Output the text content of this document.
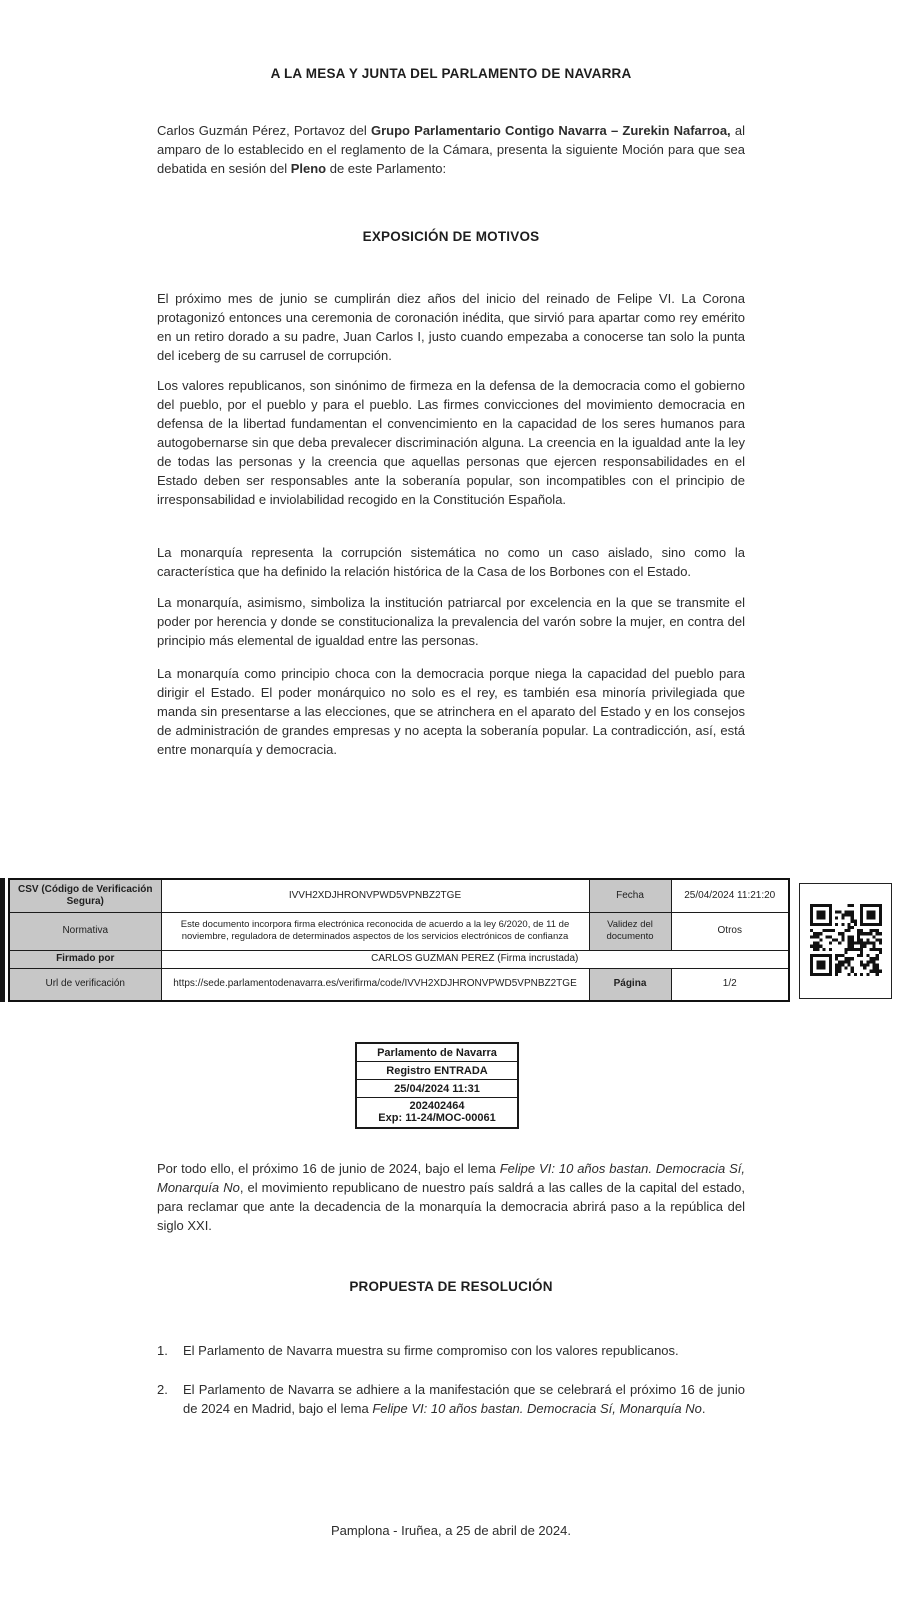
A LA MESA Y JUNTA DEL PARLAMENTO DE NAVARRA
Carlos Guzmán Pérez, Portavoz del Grupo Parlamentario Contigo Navarra – Zurekin Nafarroa, al amparo de lo establecido en el reglamento de la Cámara, presenta la siguiente Moción para que sea debatida en sesión del Pleno de este Parlamento:
EXPOSICIÓN DE MOTIVOS
El próximo mes de junio se cumplirán diez años del inicio del reinado de Felipe VI. La Corona protagonizó entonces una ceremonia de coronación inédita, que sirvió para apartar como rey emérito en un retiro dorado a su padre, Juan Carlos I, justo cuando empezaba a conocerse tan solo la punta del iceberg de su carrusel de corrupción.
Los valores republicanos, son sinónimo de firmeza en la defensa de la democracia como el gobierno del pueblo, por el pueblo y para el pueblo. Las firmes convicciones del movimiento democracia en defensa de la libertad fundamentan el convencimiento en la capacidad de los seres humanos para autogobernarse sin que deba prevalecer discriminación alguna. La creencia en la igualdad ante la ley de todas las personas y la creencia que aquellas personas que ejercen responsabilidades en el Estado deben ser responsables ante la soberanía popular, son incompatibles con el principio de irresponsabilidad e inviolabilidad recogido en la Constitución Española.
La monarquía representa la corrupción sistemática no como un caso aislado, sino como la característica que ha definido la relación histórica de la Casa de los Borbones con el Estado.
La monarquía, asimismo, simboliza la institución patriarcal por excelencia en la que se transmite el poder por herencia y donde se constitucionaliza la prevalencia del varón sobre la mujer, en contra del principio más elemental de igualdad entre las personas.
La monarquía como principio choca con la democracia porque niega la capacidad del pueblo para dirigir el Estado. El poder monárquico no solo es el rey, es también esa minoría privilegiada que manda sin presentarse a las elecciones, que se atrinchera en el aparato del Estado y en los consejos de administración de grandes empresas y no acepta la soberanía popular. La contradicción, así, está entre monarquía y democracia.
CSV (Código de Verificación Segura)	IVVH2XDJHRONVPWD5VPNBZ2TGE	Fecha	25/04/2024 11:21:20
Normativa	Este documento incorpora firma electrónica reconocida de acuerdo a la ley 6/2020, de 11 de noviembre, reguladora de determinados aspectos de los servicios electrónicos de confianza	Validez del documento	Otros
Firmado por	CARLOS GUZMAN PEREZ (Firma incrustada)		
Url de verificación	https://sede.parlamentodenavarra.es/verifirma/code/IVVH2XDJHRONVPWD5VPNBZ2TGE	Página	1/2
Parlamento de Navarra
Registro ENTRADA
25/04/2024 11:31
202402464
Exp: 11-24/MOC-00061
Por todo ello, el próximo 16 de junio de 2024, bajo el lema Felipe VI: 10 años bastan. Democracia Sí, Monarquía No, el movimiento republicano de nuestro país saldrá a las calles de la capital del estado, para reclamar que ante la decadencia de la monarquía la democracia abrirá paso a la república del siglo XXI.
PROPUESTA DE RESOLUCIÓN
1.	El Parlamento de Navarra muestra su firme compromiso con los valores republicanos.
2.	El Parlamento de Navarra se adhiere a la manifestación que se celebrará el próximo 16 de junio de 2024 en Madrid, bajo el lema Felipe VI: 10 años bastan. Democracia Sí, Monarquía No.
Pamplona - Iruñea, a 25 de abril de 2024.
